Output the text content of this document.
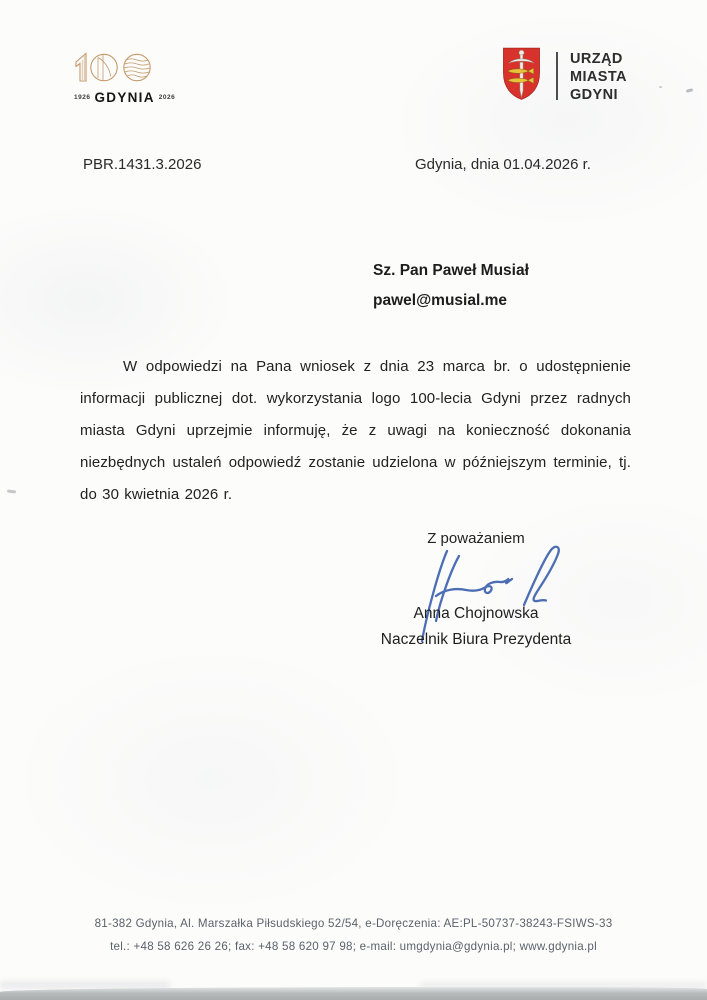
1926 GDYNIA 2026
URZĄD
MIASTA
GDYNI
PBR.1431.3.2026	Gdynia, dnia 01.04.2026 r.
Sz. Pan Paweł Musiał
pawel@musial.me

W odpowiedzi na Pana wniosek z dnia 23 marca br. o udostępnienie informacji publicznej dot. wykorzystania logo 100-lecia Gdyni przez radnych miasta Gdyni uprzejmie informuję, że z uwagi na konieczność dokonania niezbędnych ustaleń odpowiedź zostanie udzielona w późniejszym terminie, tj. do 30 kwietnia 2026 r.

Z poważaniem
Anna Chojnowska
Naczelnik Biura Prezydenta
81-382 Gdynia, Al. Marszałka Piłsudskiego 52/54, e-Doręczenia: AE:PL-50737-38243-FSIWS-33
tel.: +48 58 626 26 26; fax: +48 58 620 97 98; e-mail: umgdynia@gdynia.pl; www.gdynia.pl
